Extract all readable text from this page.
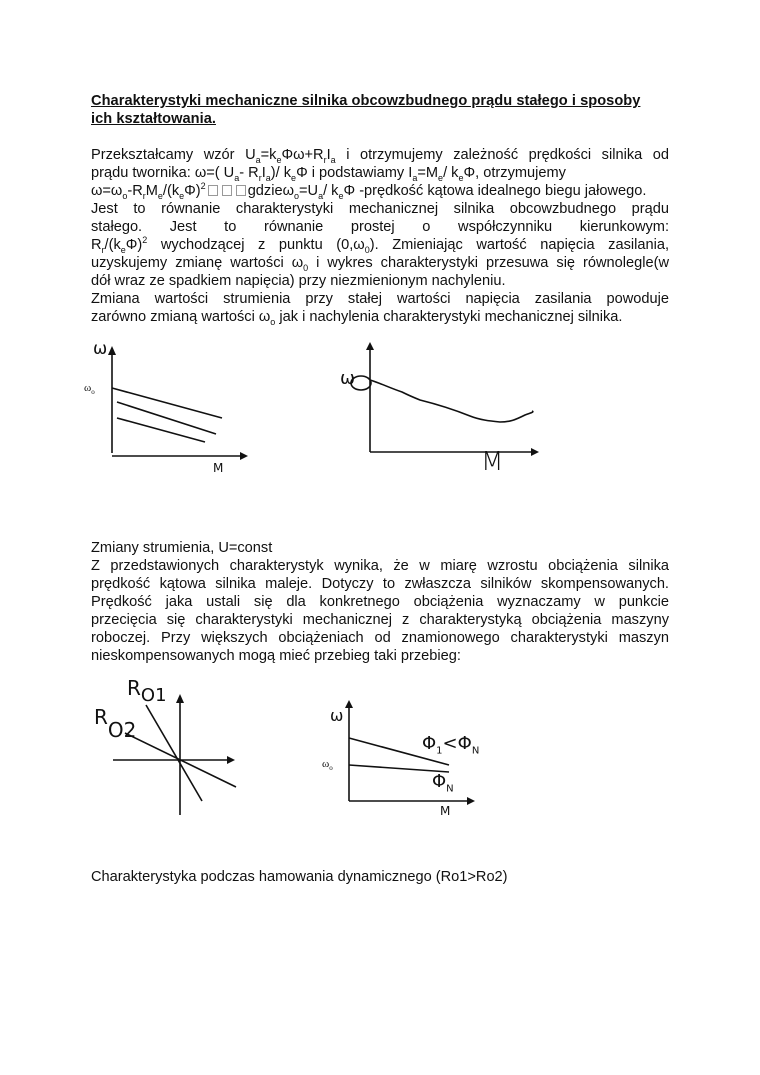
Charakterystyki mechaniczne silnika obcowzbudnego prądu stałego i sposoby
ich kształtowania.
Przekształcamy wzór $U_a=k_e\Phi\omega+R_rI_a$ i otrzymujemy zależność prędkości silnika od
prądu twornika: ω=( $U_a-$ $R_rI_a)/$ $k_e\Phi$ i podstawiamy $I_a=M_e/$ $k_e\Phi$, otrzymujemy
$\omega=\omega_o-R_rM_e/(k_e\Phi)^2$	$gdzie\omega_o=U_a/$ $k_e\Phi$ -prędkość kątowa idealnego biegu jałowego.
Jest to równanie charakterystyki mechanicznej silnika obcowzbudnego prądu
stałego. Jest to równanie prostej o współczynniku kierunkowym:
$R_r/(k_e\Phi)^2$ wychodzącej z punktu $(0,\omega_0)$. Zmieniając wartość napięcia zasilania,
uzyskujemy zmianę wartości $\omega_0$ i wykres charakterystyki przesuwa się równolegle(w
dół wraz ze spadkiem napięcia) przy niezmienionym nachyleniu.
Zmiana wartości strumienia przy stałej wartości napięcia zasilania powoduje
zarówno zmianą wartości $\omega_o$ jak i nachylenia charakterystyki mechanicznej silnika.
ω
$\omega_o$
M
ω
M
Zmiany strumienia, U=const
Z przedstawionych charakterystyk wynika, że w miarę wzrostu obciążenia silnika
prędkość kątowa silnika maleje. Dotyczy to zwłaszcza silników skompensowanych.
Prędkość jaka ustali się dla konkretnego obciążenia wyznaczamy w punkcie
przecięcia się charakterystyki mechanicznej z charakterystyką obciążenia maszyny
roboczej. Przy większych obciążeniach od znamionowego charakterystyki maszyn
nieskompensowanych mogą mieć przebieg taki przebieg:
RO1
RO2
ω
$\omega_o$
$\Phi_1<\Phi_N$
$\Phi_N$
M
Charakterystyka podczas hamowania dynamicznego (Ro1>Ro2)
